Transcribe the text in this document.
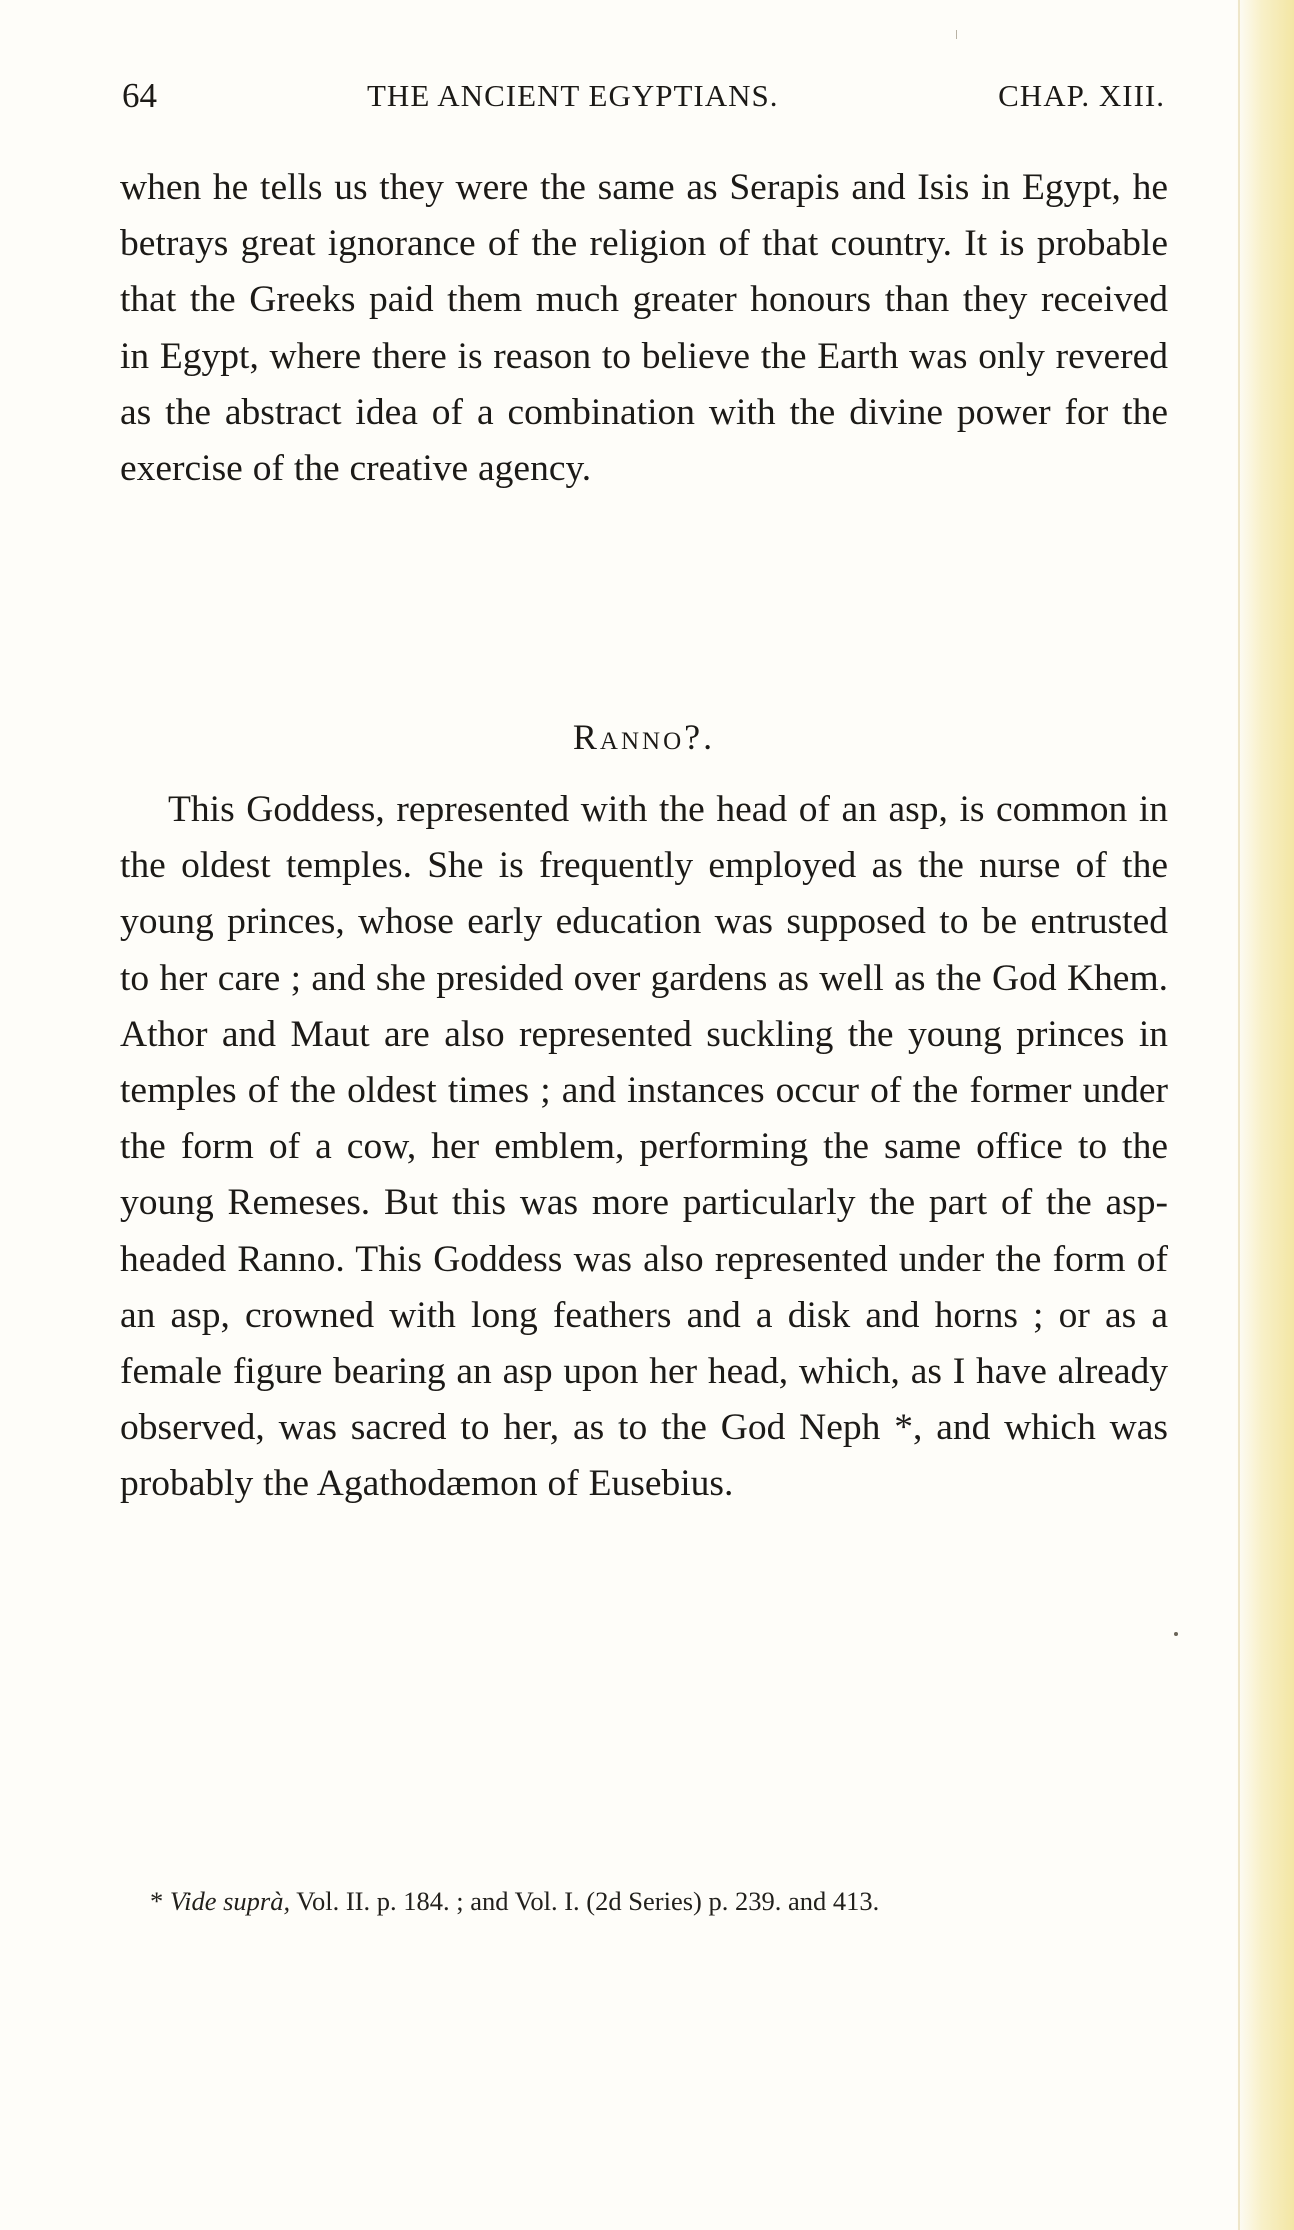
64	THE ANCIENT EGYPTIANS.	CHAP. XIII.

when he tells us they were the same as Serapis and Isis in Egypt, he betrays great ignorance of the religion of that country. It is probable that the Greeks paid them much greater honours than they received in Egypt, where there is reason to believe the Earth was only revered as the abstract idea of a combination with the divine power for the exercise of the creative agency.

Ranno?.

This Goddess, represented with the head of an asp, is common in the oldest temples. She is frequently employed as the nurse of the young princes, whose early education was supposed to be entrusted to her care ; and she presided over gardens as well as the God Khem. Athor and Maut are also represented suckling the young princes in temples of the oldest times ; and instances occur of the former under the form of a cow, her emblem, performing the same office to the young Remeses. But this was more particularly the part of the asp-headed Ranno. This Goddess was also represented under the form of an asp, crowned with long feathers and a disk and horns ; or as a female figure bearing an asp upon her head, which, as I have already observed, was sacred to her, as to the God Neph *, and which was probably the Agathodæmon of Eusebius.

* Vide suprà, Vol. II. p. 184. ; and Vol. I. (2d Series) p. 239. and 413.
